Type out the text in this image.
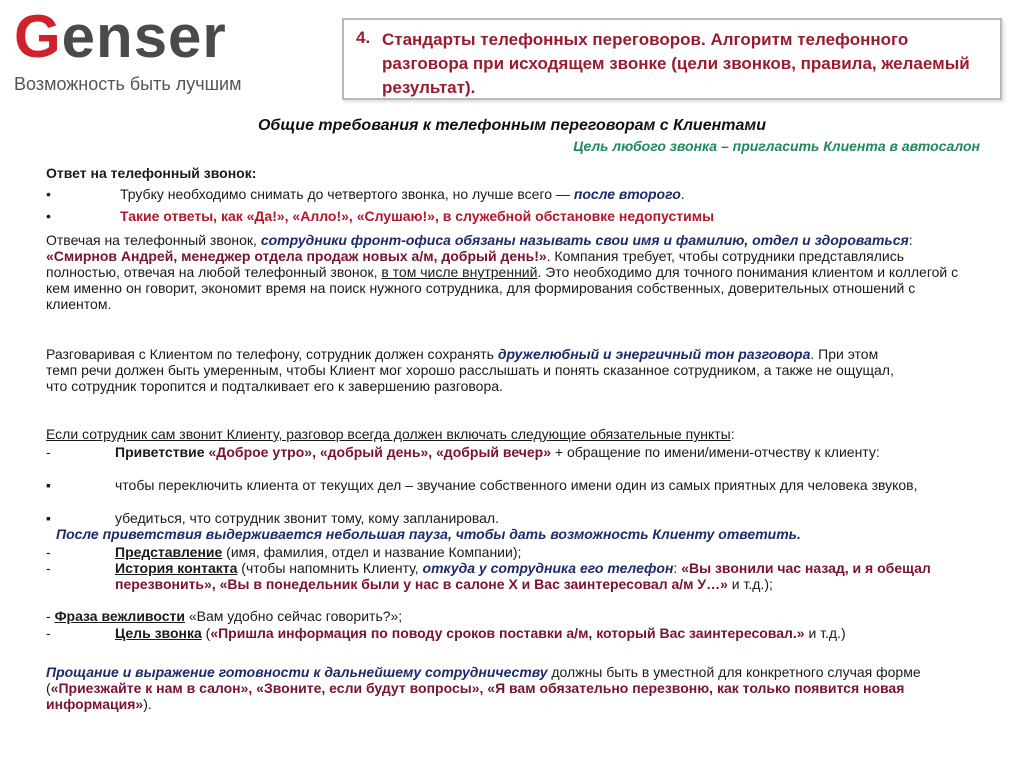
Genser
Возможность быть лучшим
4. Стандарты телефонных переговоров. Алгоритм телефонного разговора при исходящем звонке (цели звонков, правила, желаемый результат).
Общие требования к телефонным переговорам с Клиентами
Цель любого звонка – пригласить Клиента в автосалон
Ответ на телефонный звонок:
•	Трубку необходимо снимать до четвертого звонка, но лучше всего — после второго.
•	Такие ответы, как «Да!», «Алло!», «Слушаю!», в служебной обстановке недопустимы
Отвечая на телефонный звонок, сотрудники фронт-офиса обязаны называть свои имя и фамилию, отдел и здороваться: «Смирнов Андрей, менеджер отдела продаж новых а/м, добрый день!». Компания требует, чтобы сотрудники представлялись полностью, отвечая на любой телефонный звонок, в том числе внутренний. Это необходимо для точного понимания клиентом и коллегой с кем именно он говорит, экономит время на поиск нужного сотрудника, для формирования собственных, доверительных отношений с клиентом.
Разговаривая с Клиентом по телефону, сотрудник должен сохранять дружелюбный и энергичный тон разговора. При этом темп речи должен быть умеренным, чтобы Клиент мог хорошо расслышать и понять сказанное сотрудником, а также не ощущал, что сотрудник торопится и подталкивает его к завершению разговора.
Если сотрудник сам звонит Клиенту, разговор всегда должен включать следующие обязательные пункты:
-	Приветствие «Доброе утро», «добрый день», «добрый вечер» + обращение по имени/имени-отчеству к клиенту:
▪	чтобы переключить клиента от текущих дел – звучание собственного имени один из самых приятных для человека звуков,
▪	убедиться, что сотрудник звонит тому, кому запланировал.
После приветствия выдерживается небольшая пауза, чтобы дать возможность Клиенту ответить.
-	Представление (имя, фамилия, отдел и название Компании);
-	История контакта (чтобы напомнить Клиенту, откуда у сотрудника его телефон: «Вы звонили час назад, и я обещал перезвонить», «Вы в понедельник были у нас в салоне Х и Вас заинтересовал а/м У…» и т.д.);
- Фраза вежливости «Вам удобно сейчас говорить?»;
-	Цель звонка («Пришла информация по поводу сроков поставки а/м, который Вас заинтересовал.» и т.д.)
Прощание и выражение готовности к дальнейшему сотрудничеству должны быть в уместной для конкретного случая форме («Приезжайте к нам в салон», «Звоните, если будут вопросы», «Я вам обязательно перезвоню, как только появится новая информация»).
